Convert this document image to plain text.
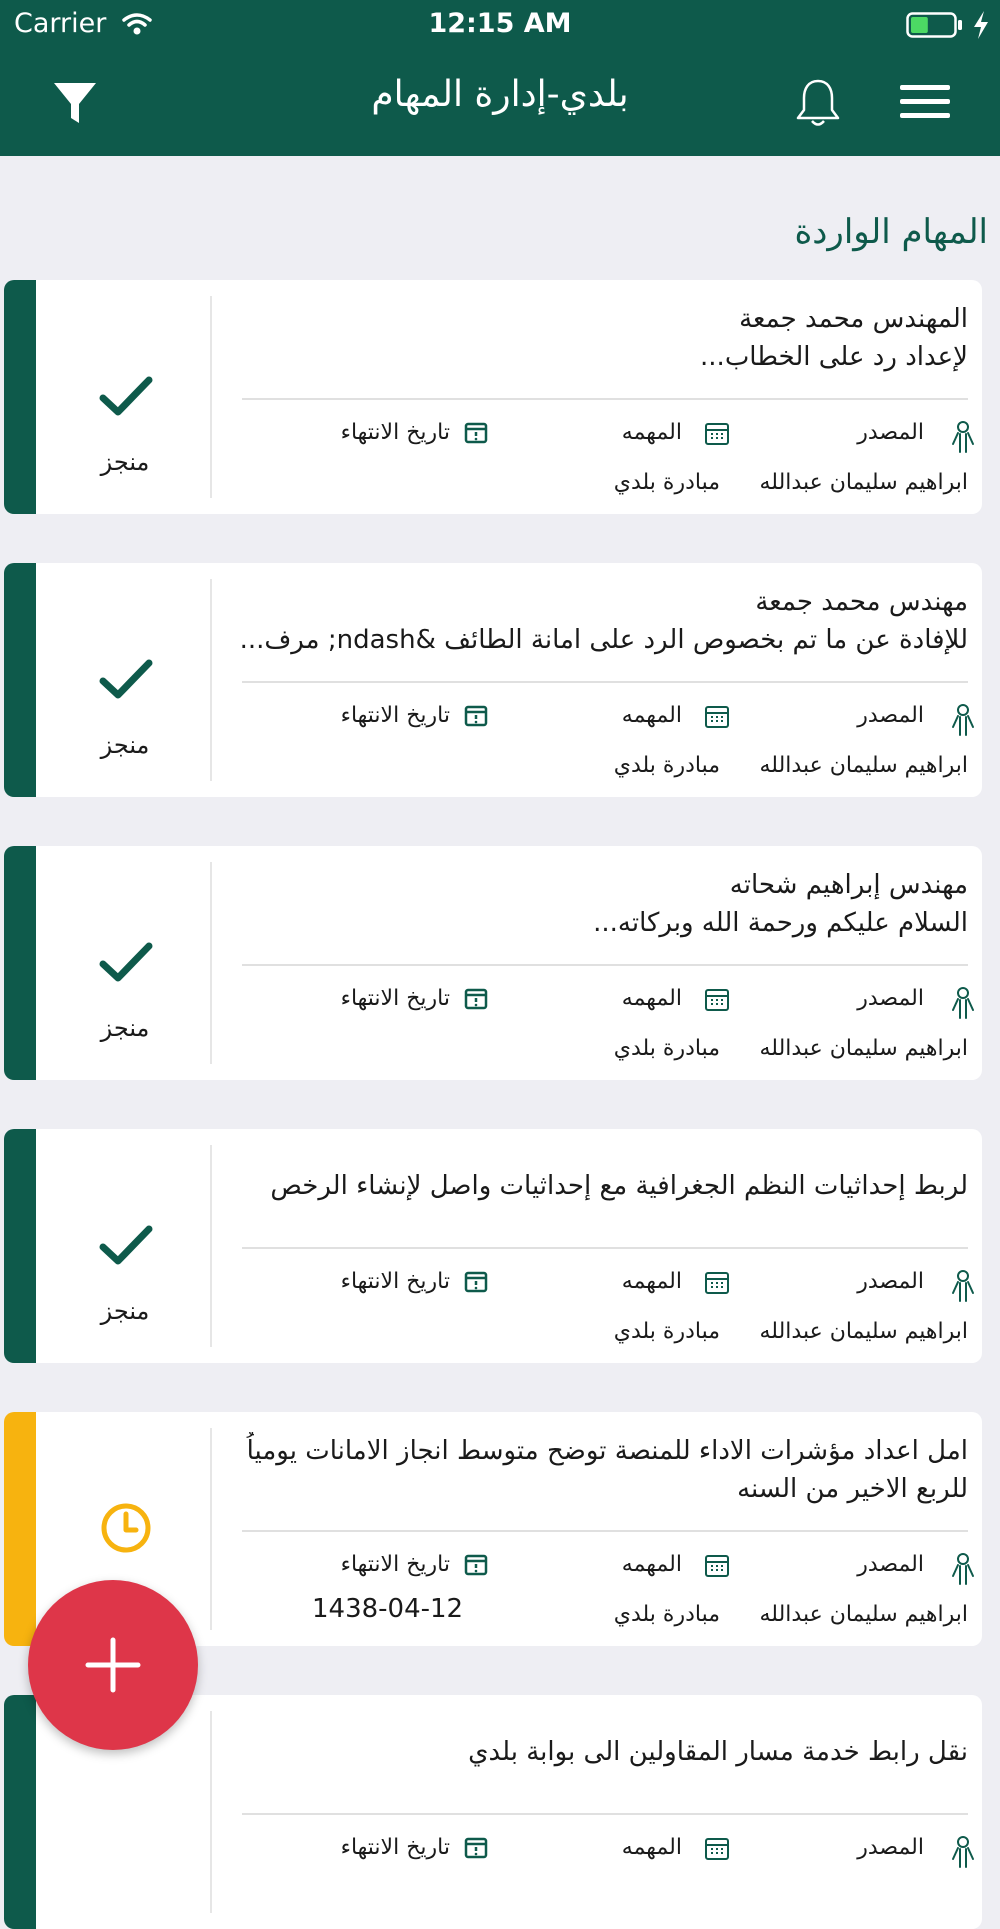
Carrier	12:15 AM
بلدي-إدارة المهام
المهام الواردة
منجز
المهندس محمد جمعة
لإعداد رد على الخطاب...
المصدر
المهمه
تاريخ الانتهاء
ابراهيم سليمان عبدالله
مبادرة بلدي
منجز
مهندس محمد جمعة
للإفادة عن ما تم بخصوص الرد على امانة الطائف &ndash; مرف...
المصدر
المهمه
تاريخ الانتهاء
ابراهيم سليمان عبدالله
مبادرة بلدي
منجز
مهندس إبراهيم شحاته
السلام عليكم ورحمة الله وبركاته...
المصدر
المهمه
تاريخ الانتهاء
ابراهيم سليمان عبدالله
مبادرة بلدي
منجز
لربط إحداثيات النظم الجغرافية مع إحداثيات واصل لإنشاء الرخص
المصدر
المهمه
تاريخ الانتهاء
ابراهيم سليمان عبدالله
مبادرة بلدي
امل اعداد مؤشرات الاداء للمنصة توضح متوسط انجاز الامانات يومياُ
للربع الاخير من السنه
المصدر
المهمه
تاريخ الانتهاء
ابراهيم سليمان عبدالله
مبادرة بلدي
1438-04-12
نقل رابط خدمة مسار المقاولين الى بوابة بلدي
المصدر
المهمه
تاريخ الانتهاء
